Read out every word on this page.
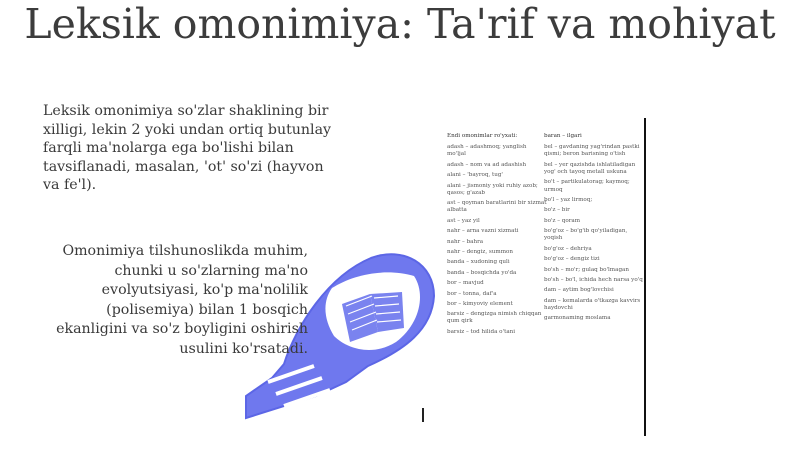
Leksik omonimiya: Ta'rif va mohiyat
Leksik omonimiya so'zlar shaklining bir xilligi, lekin 2 yoki undan ortiq butunlay farqli ma'nolarga ega bo'lishi bilan tavsiflanadi, masalan, 'ot' so'zi (hayvon va fe'l).
Omonimiya tilshunoslikda muhim, chunki u so'zlarning ma'no evolyutsiyasi, ko'p ma'nolilik (polisemiya) bilan 1 bosqich ekanligini va so'z boyligini oshirish usulini ko'rsatadi.
Endi omonimlar ro'yxati:
adash – adashmoq; yanglish mo'ljal
adash – nom va ad adashish
alani – 'bayroq, tug'
alani – jismoniy yoki ruhiy azob; qasos; g'azab
ast – qoyman baratlarini bir xizmat albatta
ast – yaz yil
nahr – arna vazni xizmati
nahr – bahra
nahr – dengiz, summon
banda – xudoning quli
banda – bosqichda yo'da
bor – mavjud
bor – tonna, daf'a
bor – kimyoviy element
barsiz – dengizga nimish chiqqan qum qirk
barsiz – tod hilida o'tani
baran – ilgari
bel – gavdaning yag'rindan pastki qismi; beron barisning o'tish
bel – yer qazishda ishlatiladigan yog' och tayoq metall uskuna
bo't – partikulatorag; kaymoq; urmoq
bo'l – yaz lirmoq;
bo'z – bir
bo'z – qoram
bo'g'oz – bo'g'ib qo'yiladigan, yoqish
bo'g'oz – dehriya
bo'g'oz – dengiz tizi
bo'sh – mo'r; gulaq bo'lmagan
bo'sh – bo'l, ichida hech narsa yo'q
dam – aytim bog'lovchisi
dam – kemalarda o'tkazga kavvirs haydovchi
garmonaming moslama
